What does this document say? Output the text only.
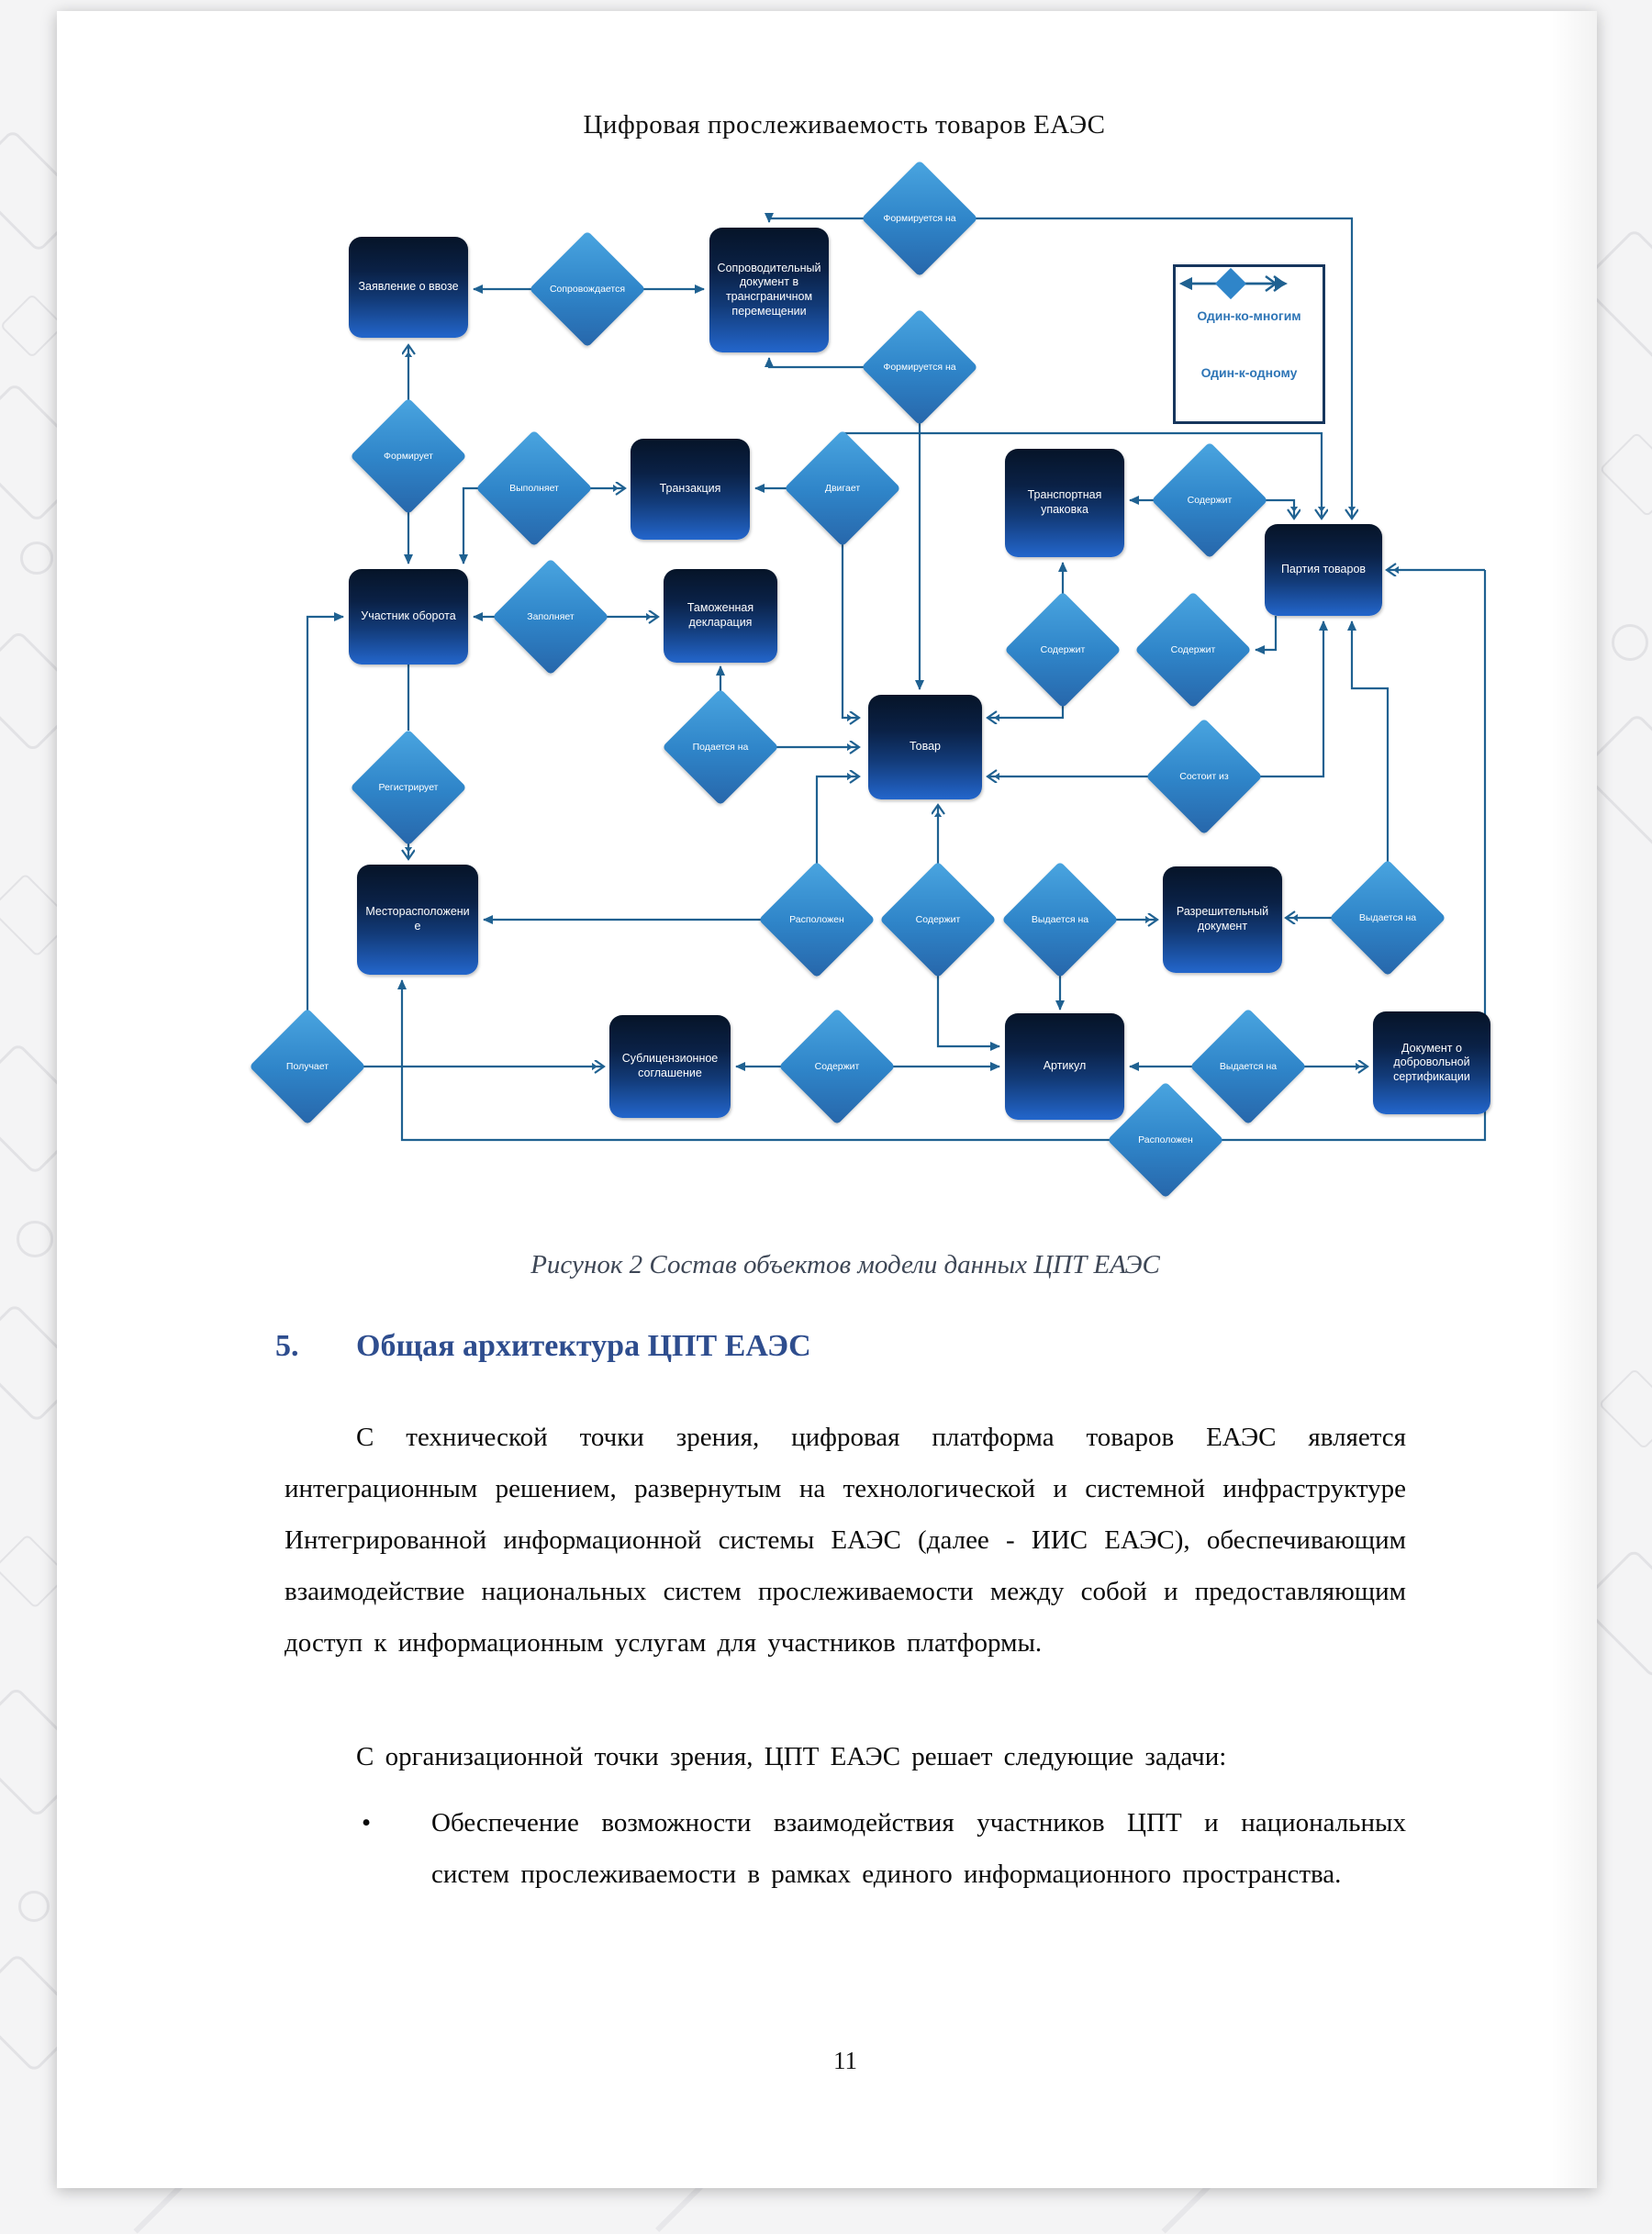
Цифровая прослеживаемость товаров ЕАЭС
Заявление о ввозе
Сопроводительный документ в трансграничном перемещении
Транзакция
Транспортная упаковка
Партия товаров
Участник оборота
Таможенная декларация
Товар
Месторасположение
Разрешительный документ
Сублицензионное соглашение
Артикул
Документ о добровольной сертификации
Сопровождается
Формируется на
Формируется на
Формирует
Выполняет	Двигает
Содержит
Содержит	Содержит
Подается на
Состоит из
Регистрирует
Расположен	Содержит	Выдается на	Выдается на
Получает	Содержит	Выдается на
Расположен
Заполняет
Один-ко-многим
Один-к-одному
Рисунок 2 Состав объектов модели данных ЦПТ ЕАЭС
5.	Общая архитектура ЦПТ ЕАЭС
С технической точки зрения, цифровая платформа товаров ЕАЭС является интеграционным решением, развернутым на технологической и системной инфраструктуре Интегрированной информационной системы ЕАЭС (далее - ИИС ЕАЭС), обеспечивающим взаимодействие национальных систем прослеживаемости между собой и предоставляющим доступ к информационным услугам для участников платформы.
С организационной точки зрения, ЦПТ ЕАЭС решает следующие задачи:
• Обеспечение возможности взаимодействия участников ЦПТ и национальных систем прослеживаемости в рамках единого информационного пространства.
11
